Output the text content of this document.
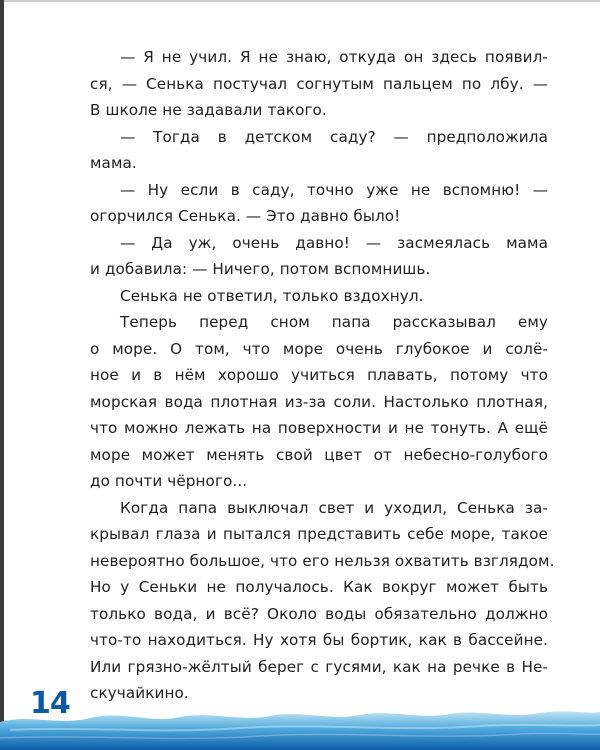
— Я не учил. Я не знаю, откуда он здесь появил-
ся, — Сенька постучал согнутым пальцем по лбу. —
В школе не задавали такого.
— Тогда в детском саду? — предположила
мама.
— Ну если в саду, точно уже не вспомню! —
огорчился Сенька. — Это давно было!
— Да уж, очень давно! — засмеялась мама
и добавила: — Ничего, потом вспомнишь.
Сенька не ответил, только вздохнул.
Теперь перед сном папа рассказывал ему
о море. О том, что море очень глубокое и солё-
ное и в нём хорошо учиться плавать, потому что
морская вода плотная из-за соли. Настолько плотная,
что можно лежать на поверхности и не тонуть. А ещё
море может менять свой цвет от небесно-голубого
до почти чёрного...
Когда папа выключал свет и уходил, Сенька за-
крывал глаза и пытался представить себе море, такое
невероятно большое, что его нельзя охватить взглядом.
Но у Сеньки не получалось. Как вокруг может быть
только вода, и всё? Около воды обязательно должно
что-то находиться. Ну хотя бы бортик, как в бассейне.
Или грязно-жёлтый берег с гусями, как на речке в Не-
скучайкино.
14
